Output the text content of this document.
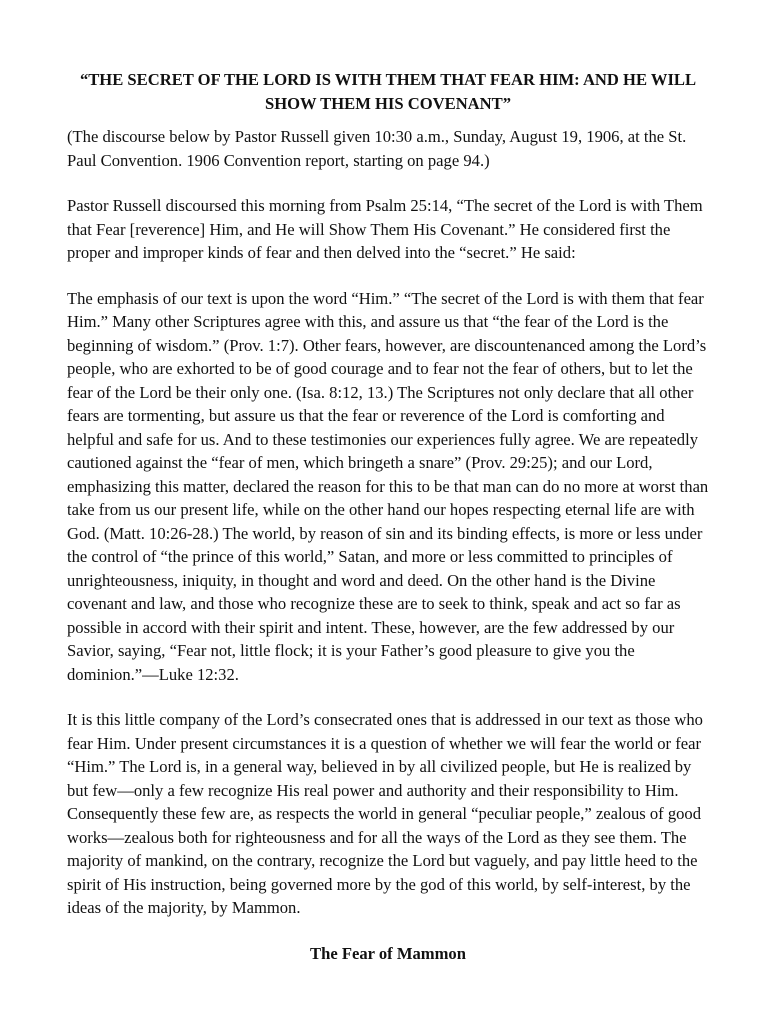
“THE SECRET OF THE LORD IS WITH THEM THAT FEAR HIM: AND HE WILL SHOW THEM HIS COVENANT”

(The discourse below by Pastor Russell given 10:30 a.m., Sunday, August 19, 1906, at the St. Paul Convention. 1906 Convention report, starting on page 94.)

Pastor Russell discoursed this morning from Psalm 25:14, “The secret of the Lord is with Them that Fear [reverence] Him, and He will Show Them His Covenant.” He considered first the proper and improper kinds of fear and then delved into the “secret.” He said:

The emphasis of our text is upon the word “Him.” “The secret of the Lord is with them that fear Him.” Many other Scriptures agree with this, and assure us that “the fear of the Lord is the beginning of wisdom.” (Prov. 1:7). Other fears, however, are discountenanced among the Lord’s people, who are exhorted to be of good courage and to fear not the fear of others, but to let the fear of the Lord be their only one. (Isa. 8:12, 13.) The Scriptures not only declare that all other fears are tormenting, but assure us that the fear or reverence of the Lord is comforting and helpful and safe for us. And to these testimonies our experiences fully agree. We are repeatedly cautioned against the “fear of men, which bringeth a snare” (Prov. 29:25); and our Lord, emphasizing this matter, declared the reason for this to be that man can do no more at worst than take from us our present life, while on the other hand our hopes respecting eternal life are with God. (Matt. 10:26-28.) The world, by reason of sin and its binding effects, is more or less under the control of “the prince of this world,” Satan, and more or less committed to principles of unrighteousness, iniquity, in thought and word and deed. On the other hand is the Divine covenant and law, and those who recognize these are to seek to think, speak and act so far as possible in accord with their spirit and intent. These, however, are the few addressed by our Savior, saying, “Fear not, little flock; it is your Father’s good pleasure to give you the dominion.”—Luke 12:32.

It is this little company of the Lord’s consecrated ones that is addressed in our text as those who fear Him. Under present circumstances it is a question of whether we will fear the world or fear “Him.” The Lord is, in a general way, believed in by all civilized people, but He is realized by but few—only a few recognize His real power and authority and their responsibility to Him. Consequently these few are, as respects the world in general “peculiar people,” zealous of good works—zealous both for righteousness and for all the ways of the Lord as they see them. The majority of mankind, on the contrary, recognize the Lord but vaguely, and pay little heed to the spirit of His instruction, being governed more by the god of this world, by self-interest, by the ideas of the majority, by Mammon.

The Fear of Mammon
